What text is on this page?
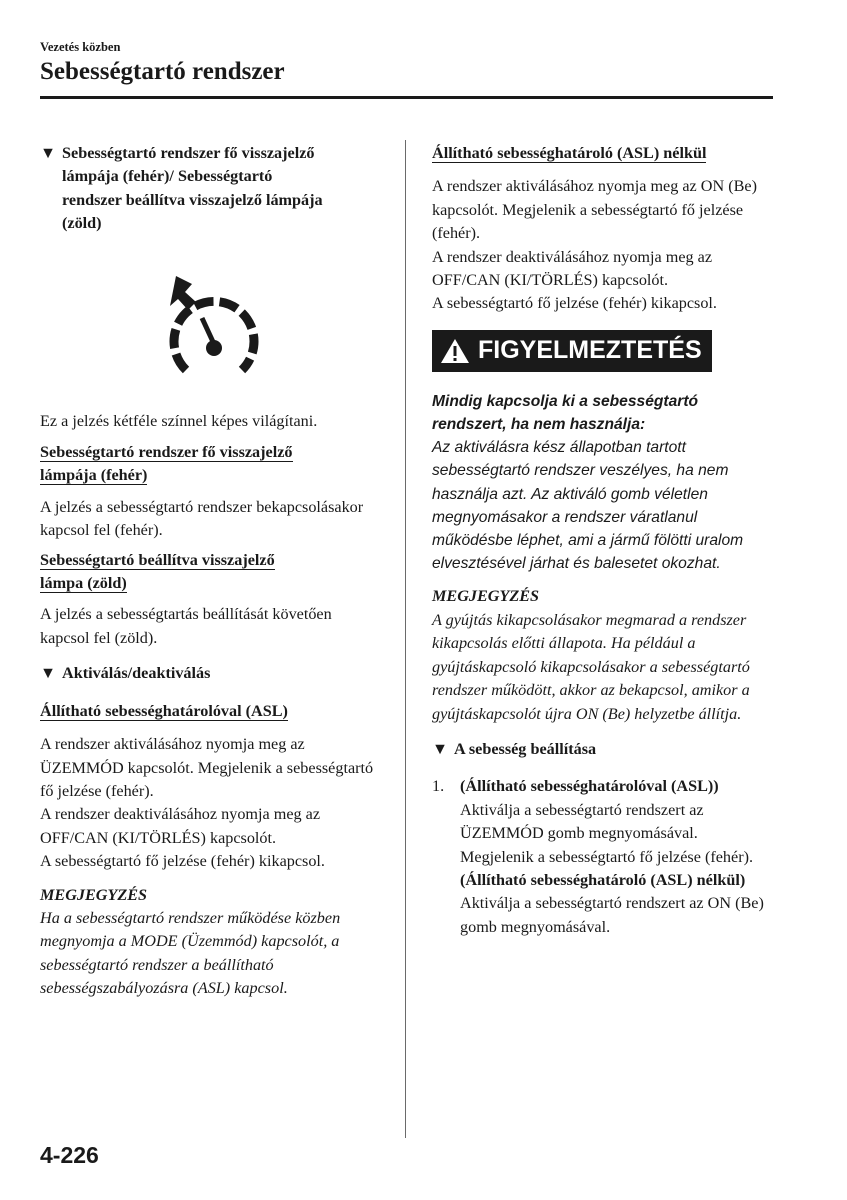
Vezetés közben
Sebességtartó rendszer
▼ Sebességtartó rendszer fő visszajelző lámpája (fehér)/ Sebességtartó rendszer beállítva visszajelző lámpája (zöld)

Ez a jelzés kétféle színnel képes világítani.

Sebességtartó rendszer fő visszajelző
lámpája (fehér)

A jelzés a sebességtartó rendszer bekapcsolásakor kapcsol fel (fehér).

Sebességtartó beállítva visszajelző
lámpa (zöld)

A jelzés a sebességtartás beállítását követően kapcsol fel (zöld).

▼ Aktiválás/deaktiválás
Állítható sebességhatárolóval (ASL)

A rendszer aktiválásához nyomja meg az ÜZEMMÓD kapcsolót. Megjelenik a sebességtartó fő jelzése (fehér).

A rendszer deaktiválásához nyomja meg az OFF/CAN (KI/TÖRLÉS) kapcsolót.

A sebességtartó fő jelzése (fehér) kikapcsol.

MEGJEGYZÉS

Ha a sebességtartó rendszer működése közben megnyomja a MODE (Üzemmód) kapcsolót, a sebességtartó rendszer a beállítható sebességszabályozásra (ASL) kapcsol.

Állítható sebességhatároló (ASL) nélkül

A rendszer aktiválásához nyomja meg az ON (Be) kapcsolót. Megjelenik a sebességtartó fő jelzése (fehér).

A rendszer deaktiválásához nyomja meg az OFF/CAN (KI/TÖRLÉS) kapcsolót.

A sebességtartó fő jelzése (fehér) kikapcsol.

FIGYELMEZTETÉS

Mindig kapcsolja ki a sebességtartó rendszert, ha nem használja:

Az aktiválásra kész állapotban tartott sebességtartó rendszer veszélyes, ha nem használja azt. Az aktiváló gomb véletlen megnyomásakor a rendszer váratlanul működésbe léphet, ami a jármű fölötti uralom elvesztésével járhat és balesetet okozhat.

MEGJEGYZÉS

A gyújtás kikapcsolásakor megmarad a rendszer kikapcsolás előtti állapota. Ha például a gyújtáskapcsoló kikapcsolásakor a sebességtartó rendszer működött, akkor az bekapcsol, amikor a gyújtáskapcsolót újra ON (Be) helyzetbe állítja.

▼ A sebesség beállítása
1. (Állítható sebességhatárolóval (ASL))

Aktiválja a sebességtartó rendszert az ÜZEMMÓD gomb megnyomásával. Megjelenik a sebességtartó fő jelzése (fehér).

(Állítható sebességhatároló (ASL) nélkül)

Aktiválja a sebességtartó rendszert az ON (Be) gomb megnyomásával.

4-226
